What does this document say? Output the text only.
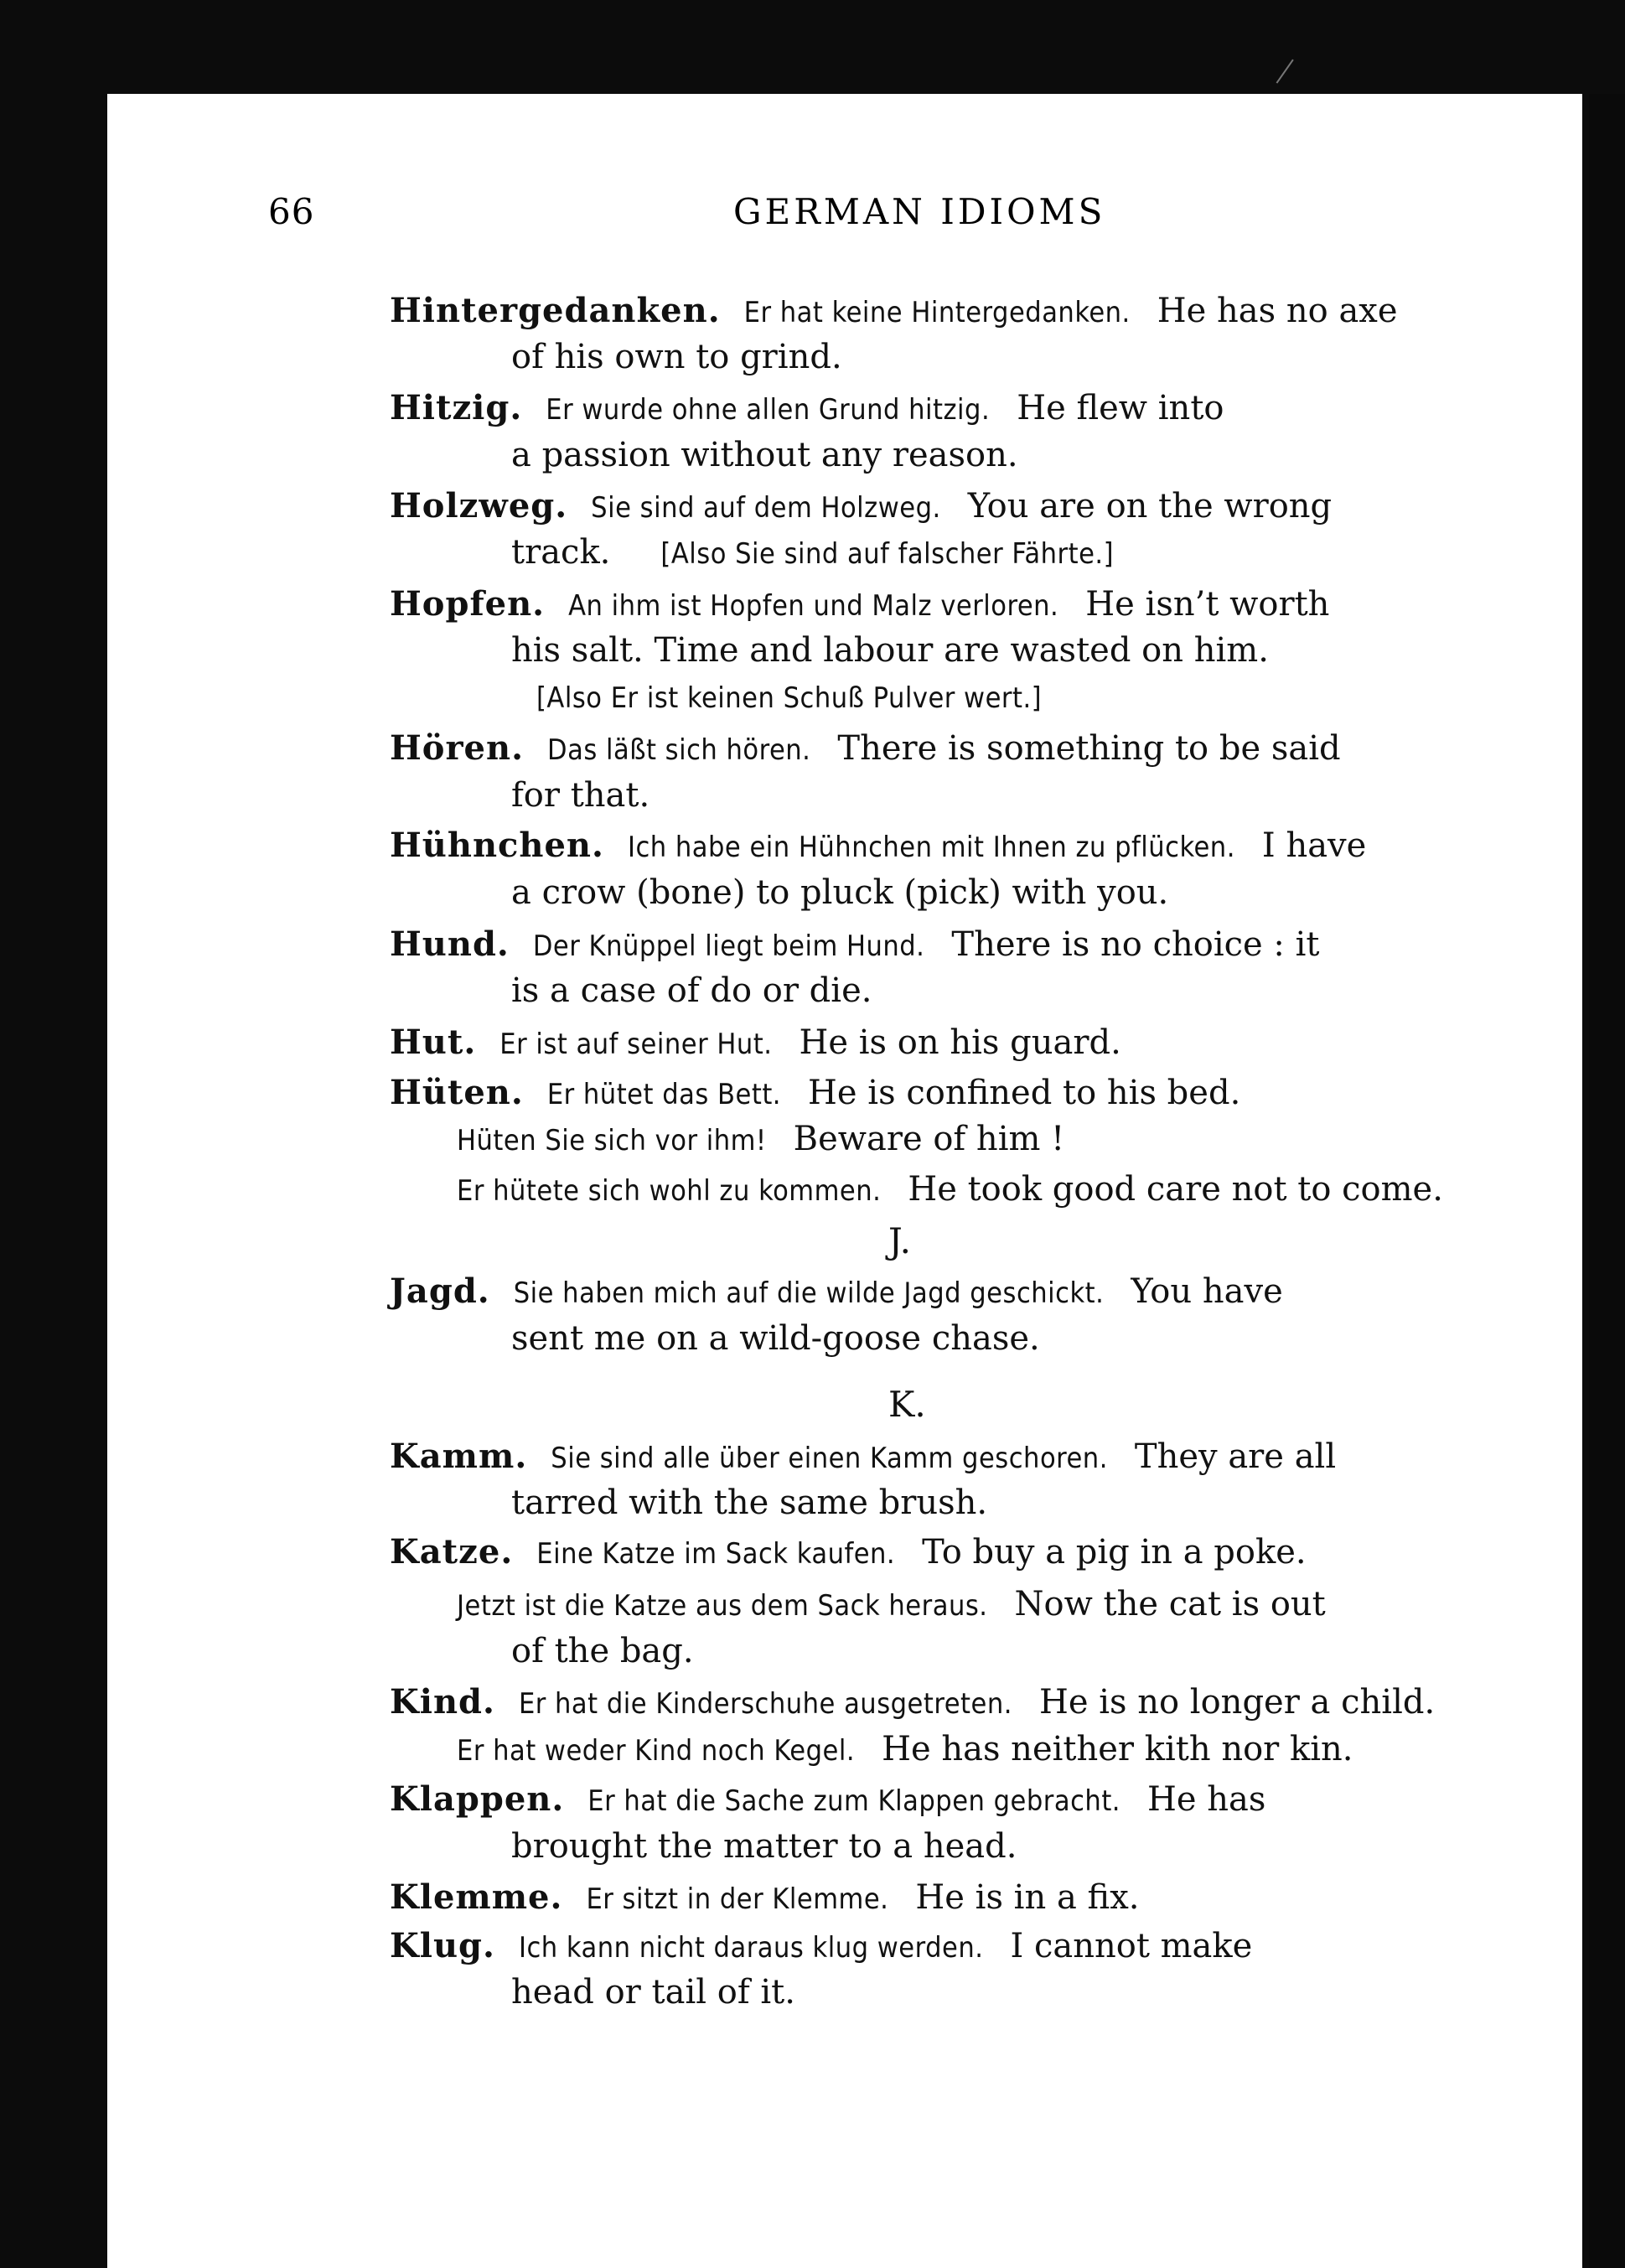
66	GERMAN IDIOMS
Hintergedanken. Er hat keine Hintergedanken. He has no axe
of his own to grind.
Hitzig. Er wurde ohne allen Grund hitzig. He flew into
a passion without any reason.
Holzweg. Sie sind auf dem Holzweg. You are on the wrong
track. [Also Sie sind auf falscher Fährte.]
Hopfen. An ihm ist Hopfen und Malz verloren. He isn’t worth
his salt. Time and labour are wasted on him.
[Also Er ist keinen Schuß Pulver wert.]
Hören. Das läßt sich hören. There is something to be said
for that.
Hühnchen. Ich habe ein Hühnchen mit Ihnen zu pflücken. I have
a crow (bone) to pluck (pick) with you.
Hund. Der Knüppel liegt beim Hund. There is no choice : it
is a case of do or die.
Hut. Er ist auf seiner Hut. He is on his guard.
Hüten. Er hütet das Bett. He is confined to his bed.
Hüten Sie sich vor ihm! Beware of him !
Er hütete sich wohl zu kommen. He took good care not to come.
J.
Jagd. Sie haben mich auf die wilde Jagd geschickt. You have
sent me on a wild-goose chase.
K.
Kamm. Sie sind alle über einen Kamm geschoren. They are all
tarred with the same brush.
Katze. Eine Katze im Sack kaufen. To buy a pig in a poke.
Jetzt ist die Katze aus dem Sack heraus. Now the cat is out
of the bag.
Kind. Er hat die Kinderschuhe ausgetreten. He is no longer a child.
Er hat weder Kind noch Kegel. He has neither kith nor kin.
Klappen. Er hat die Sache zum Klappen gebracht. He has
brought the matter to a head.
Klemme. Er sitzt in der Klemme. He is in a fix.
Klug. Ich kann nicht daraus klug werden. I cannot make
head or tail of it.
